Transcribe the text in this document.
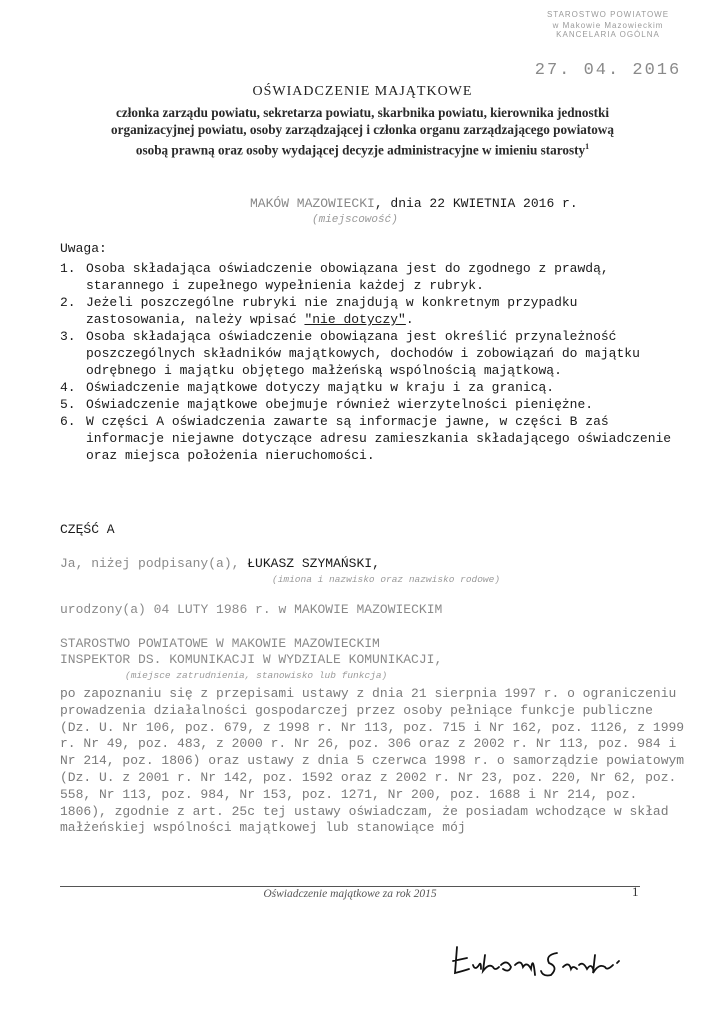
STAROSTWO POWIATOWE
w Makowie Mazowieckim
KANCELARIA OGÓLNA
27. 04. 2016
OŚWIADCZENIE MAJĄTKOWE
członka zarządu powiatu, sekretarza powiatu, skarbnika powiatu, kierownika jednostki
organizacyjnej powiatu, osoby zarządzającej i członka organu zarządzającego powiatową
osobą prawną oraz osoby wydającej decyzje administracyjne w imieniu starosty$^1$
MAKÓW MAZOWIECKI, dnia 22 KWIETNIA 2016 r.
(miejscowość)
Uwaga:
1. Osoba składająca oświadczenie obowiązana jest do zgodnego z prawdą, starannego i zupełnego wypełnienia każdej z rubryk.
2. Jeżeli poszczególne rubryki nie znajdują w konkretnym przypadku zastosowania, należy wpisać "nie dotyczy".
3. Osoba składająca oświadczenie obowiązana jest określić przynależność poszczególnych składników majątkowych, dochodów i zobowiązań do majątku odrębnego i majątku objętego małżeńską wspólnością majątkową.
4. Oświadczenie majątkowe dotyczy majątku w kraju i za granicą.
5. Oświadczenie majątkowe obejmuje również wierzytelności pieniężne.
6. W części A oświadczenia zawarte są informacje jawne, w części B zaś informacje niejawne dotyczące adresu zamieszkania składającego oświadczenie oraz miejsca położenia nieruchomości.
CZĘŚĆ A
Ja, niżej podpisany(a), ŁUKASZ SZYMAŃSKI,
(imiona i nazwisko oraz nazwisko rodowe)
urodzony(a) 04 LUTY 1986 r. w MAKOWIE MAZOWIECKIM
STAROSTWO POWIATOWE W MAKOWIE MAZOWIECKIM
INSPEKTOR DS. KOMUNIKACJI W WYDZIALE KOMUNIKACJI,
(miejsce zatrudnienia, stanowisko lub funkcja)
po zapoznaniu się z przepisami ustawy z dnia 21 sierpnia 1997 r. o ograniczeniu prowadzenia działalności gospodarczej przez osoby pełniące funkcje publiczne (Dz. U. Nr 106, poz. 679, z 1998 r. Nr 113, poz. 715 i Nr 162, poz. 1126, z 1999 r. Nr 49, poz. 483, z 2000 r. Nr 26, poz. 306 oraz z 2002 r. Nr 113, poz. 984 i Nr 214, poz. 1806) oraz ustawy z dnia 5 czerwca 1998 r. o samorządzie powiatowym (Dz. U. z 2001 r. Nr 142, poz. 1592 oraz z 2002 r. Nr 23, poz. 220, Nr 62, poz. 558, Nr 113, poz. 984, Nr 153, poz. 1271, Nr 200, poz. 1688 i Nr 214, poz. 1806), zgodnie z art. 25c tej ustawy oświadczam, że posiadam wchodzące w skład małżeńskiej wspólności majątkowej lub stanowiące mój
Oświadczenie majątkowe za rok 2015	1
